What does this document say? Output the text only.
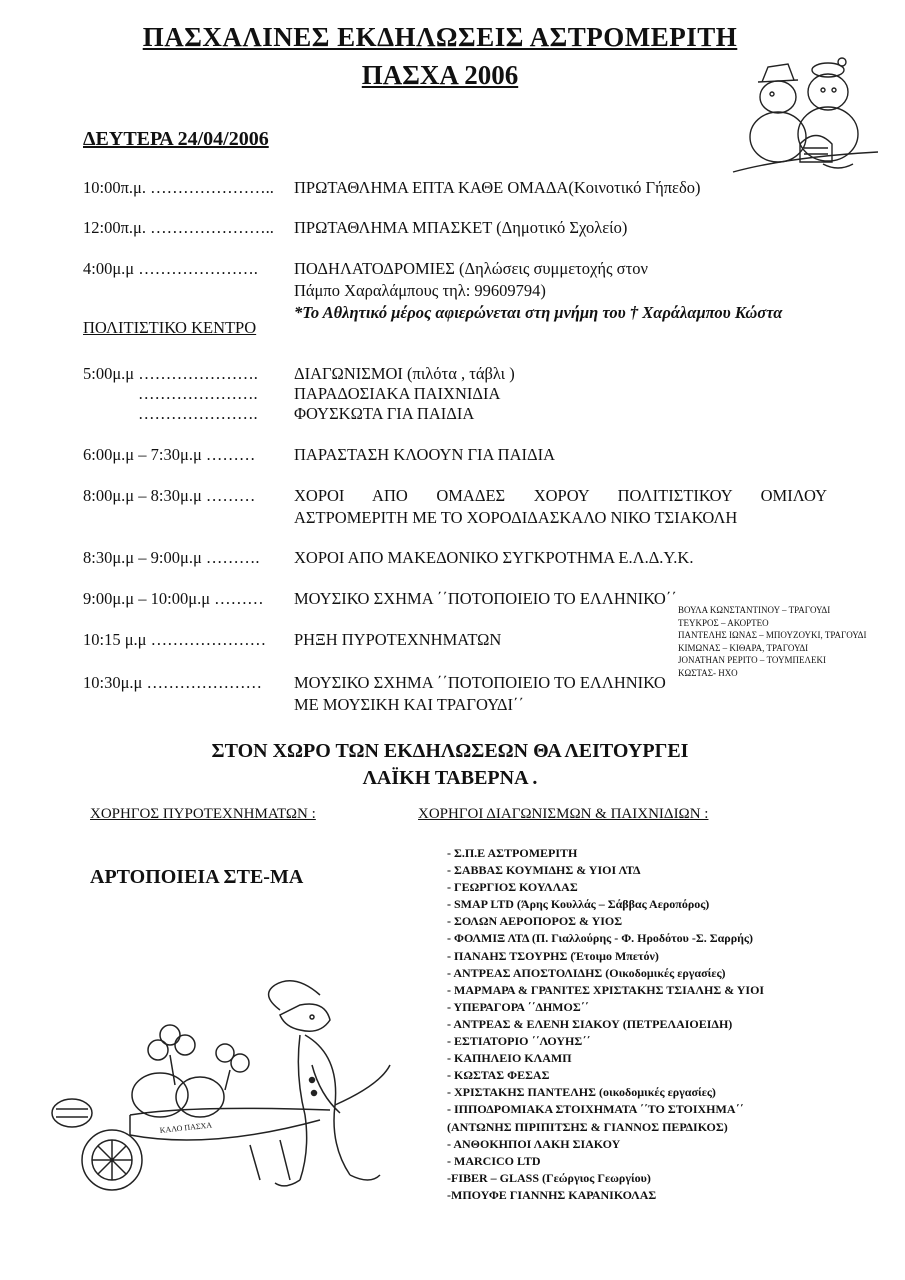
ΠΑΣΧΑΛΙΝΕΣ ΕΚΔΗΛΩΣΕΙΣ ΑΣΤΡΟΜΕΡΙΤΗ
ΠΑΣΧΑ 2006
ΔΕΥΤΕΡΑ 24/04/2006
10:00π.μ. ………………….. ΠΡΩΤΑΘΛΗΜΑ ΕΠΤΑ ΚΑΘΕ ΟΜΑΔΑ(Κοινοτικό Γήπεδο)
12:00π.μ. ………………….. ΠΡΩΤΑΘΛΗΜΑ ΜΠΑΣΚΕΤ (Δημοτικό Σχολείο)
4:00μ.μ …………………. ΠΟΔΗΛΑΤΟΔΡΟΜΙΕΣ (Δηλώσεις συμμετοχής στον
Πάμπο Χαραλάμπους τηλ: 99609794)
*Το Αθλητικό μέρος αφιερώνεται στη μνήμη του † Χαράλαμπου Κώστα
ΠΟΛΙΤΙΣΤΙΚΟ ΚΕΝΤΡΟ
5:00μ.μ …………………. ΔΙΑΓΩΝΙΣΜΟΙ (πιλότα , τάβλι )
…………………. ΠΑΡΑΔΟΣΙΑΚΑ ΠΑΙΧΝΙΔΙΑ
…………………. ΦΟΥΣΚΩΤΑ ΓΙΑ ΠΑΙΔΙΑ
6:00μ.μ – 7:30μ.μ ……… ΠΑΡΑΣΤΑΣΗ ΚΛΟΟΥΝ ΓΙΑ ΠΑΙΔΙΑ
8:00μ.μ – 8:30μ.μ ……… ΧΟΡΟΙ ΑΠΟ ΟΜΑΔΕΣ ΧΟΡΟΥ ΠΟΛΙΤΙΣΤΙΚΟΥ ΟΜΙΛΟΥ
ΑΣΤΡΟΜΕΡΙΤΗ ΜΕ ΤΟ ΧΟΡΟΔΙΔΑΣΚΑΛΟ ΝΙΚΟ ΤΣΙΑΚΟΛΗ
8:30μ.μ – 9:00μ.μ ………. ΧΟΡΟΙ ΑΠΟ ΜΑΚΕΔΟΝΙΚΟ ΣΥΓΚΡΟΤΗΜΑ Ε.Λ.Δ.Υ.Κ.
9:00μ.μ – 10:00μ.μ ……… ΜΟΥΣΙΚΟ ΣΧΗΜΑ ΄΄ΠΟΤΟΠΟΙΕΙΟ ΤΟ ΕΛΛΗΝΙΚΟ΄΄
10:15 μ.μ ………………… ΡΗΞΗ ΠΥΡΟΤΕΧΝΗΜΑΤΩΝ
10:30μ.μ ………………… ΜΟΥΣΙΚΟ ΣΧΗΜΑ ΄΄ΠΟΤΟΠΟΙΕΙΟ ΤΟ ΕΛΛΗΝΙΚΟ
ΜΕ ΜΟΥΣΙΚΗ ΚΑΙ ΤΡΑΓΟΥΔΙ΄΄
ΒΟΥΛΑ ΚΩΝΣΤΑΝΤΙΝΟΥ – ΤΡΑΓΟΥΔΙ
ΤΕΥΚΡΟΣ – ΑΚΟΡΤΕΟ
ΠΑΝΤΕΛΗΣ ΙΩΝΑΣ – ΜΠΟΥΖΟΥΚΙ, ΤΡΑΓΟΥΔΙ
ΚΙΜΩΝΑΣ – ΚΙΘΑΡΑ, ΤΡΑΓΟΥΔΙ
JONATHAN PEPITO – ΤΟΥΜΠΕΛΕΚΙ
ΚΩΣΤΑΣ- ΗΧΟ
ΣΤΟΝ ΧΩΡΟ ΤΩΝ ΕΚΔΗΛΩΣΕΩΝ ΘΑ ΛΕΙΤΟΥΡΓΕΙ
ΛΑΪΚΗ ΤΑΒΕΡΝΑ .
ΧΟΡΗΓΟΣ ΠΥΡΟΤΕΧΝΗΜΑΤΩΝ :	ΧΟΡΗΓΟΙ ΔΙΑΓΩΝΙΣΜΩΝ & ΠΑΙΧΝΙΔΙΩΝ :
ΑΡΤΟΠΟΙΕΙΑ ΣΤΕ-ΜΑ
- Σ.Π.Ε ΑΣΤΡΟΜΕΡΙΤΗ
- ΣΑΒΒΑΣ ΚΟΥΜΙΔΗΣ & ΥΙΟΙ ΛΤΔ
- ΓΕΩΡΓΙΟΣ ΚΟΥΛΛΑΣ
- SMAP LTD (Άρης Κουλλάς – Σάββας Αεροπόρος)
- ΣΟΛΩΝ ΑΕΡΟΠΟΡΟΣ & ΥΙΟΣ
- ΦΟΛΜΙΞ ΛΤΔ (Π. Γιαλλούρης - Φ. Ηροδότου -Σ. Σαρρής)
- ΠΑΝΑΗΣ ΤΣΟΥΡΗΣ (Έτοιμο Μπετόν)
- ΑΝΤΡΕΑΣ ΑΠΟΣΤΟΛΙΔΗΣ (Οικοδομικές εργασίες)
- ΜΑΡΜΑΡΑ & ΓΡΑΝΙΤΕΣ ΧΡΙΣΤΑΚΗΣ ΤΣΙΑΛΗΣ & ΥΙΟΙ
- ΥΠΕΡΑΓΟΡΑ ΄΄ΔΗΜΟΣ΄΄
- ΑΝΤΡΕΑΣ & ΕΛΕΝΗ ΣΙΑΚΟΥ (ΠΕΤΡΕΛΑΙΟΕΙΔΗ)
- ΕΣΤΙΑΤΟΡΙΟ ΄΄ΛΟΥΗΣ΄΄
- ΚΑΠΗΛΕΙΟ ΚΛΑΜΠ
- ΚΩΣΤΑΣ ΦΕΣΑΣ
- ΧΡΙΣΤΑΚΗΣ ΠΑΝΤΕΛΗΣ (οικοδομικές εργασίες)
- ΙΠΠΟΔΡΟΜΙΑΚΑ ΣΤΟΙΧΗΜΑΤΑ ΄΄ΤΟ ΣΤΟΙΧΗΜΑ΄΄
(ΑΝΤΩΝΗΣ ΠΙΡΙΠΙΤΣΗΣ & ΓΙΑΝΝΟΣ ΠΕΡΔΙΚΟΣ)
- ΑΝΘΟΚΗΠΟΙ ΛΑΚΗ ΣΙΑΚΟΥ
- MARCICO LTD
-FIBER – GLASS (Γεώργιος Γεωργίου)
-ΜΠΟΥΦΕ ΓΙΑΝΝΗΣ ΚΑΡΑΝΙΚΟΛΑΣ
ΚΑΛΟ ΠΑΣΧΑ
